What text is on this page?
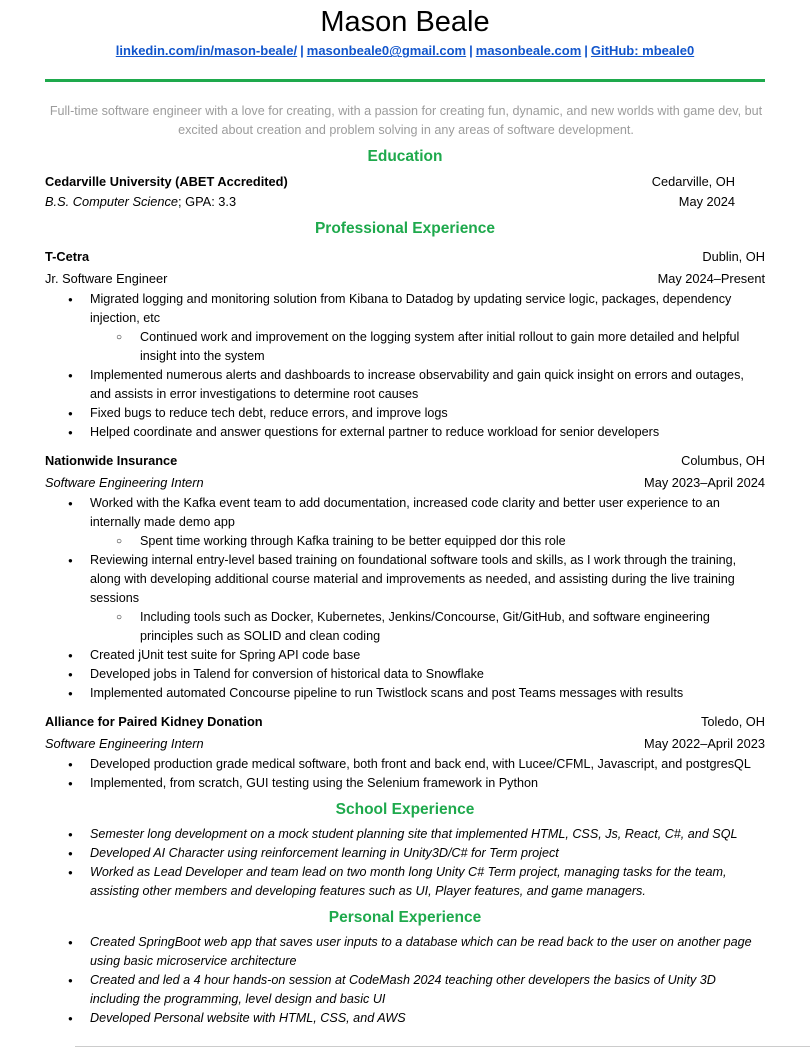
Mason Beale
linkedin.com/in/mason-beale/ | masonbeale0@gmail.com | masonbeale.com | GitHub: mbeale0

Full-time software engineer with a love for creating, with a passion for creating fun, dynamic, and new worlds with game dev, but excited about creation and problem solving in any areas of software development.

Education
Cedarville University (ABET Accredited)	Cedarville, OH
B.S. Computer Science; GPA: 3.3	May 2024
Professional Experience
T-Cetra	Dublin, OH
Jr. Software Engineer	May 2024–Present
● Migrated logging and monitoring solution from Kibana to Datadog by updating service logic, packages, dependency injection, etc
○ Continued work and improvement on the logging system after initial rollout to gain more detailed and helpful insight into the system
● Implemented numerous alerts and dashboards to increase observability and gain quick insight on errors and outages, and assists in error investigations to determine root causes
● Fixed bugs to reduce tech debt, reduce errors, and improve logs
● Helped coordinate and answer questions for external partner to reduce workload for senior developers
Nationwide Insurance	Columbus, OH
Software Engineering Intern	May 2023–April 2024
● Worked with the Kafka event team to add documentation, increased code clarity and better user experience to an internally made demo app
○ Spent time working through Kafka training to be better equipped dor this role
● Reviewing internal entry-level based training on foundational software tools and skills, as I work through the training, along with developing additional course material and improvements as needed, and assisting during the live training sessions
○ Including tools such as Docker, Kubernetes, Jenkins/Concourse, Git/GitHub, and software engineering principles such as SOLID and clean coding
● Created jUnit test suite for Spring API code base
● Developed jobs in Talend for conversion of historical data to Snowflake
● Implemented automated Concourse pipeline to run Twistlock scans and post Teams messages with results
Alliance for Paired Kidney Donation	Toledo, OH
Software Engineering Intern	May 2022–April 2023
● Developed production grade medical software, both front and back end, with Lucee/CFML, Javascript, and postgresQL
● Implemented, from scratch, GUI testing using the Selenium framework in Python
School Experience
● Semester long development on a mock student planning site that implemented HTML, CSS, Js, React, C#, and SQL
● Developed AI Character using reinforcement learning in Unity3D/C# for Term project
● Worked as Lead Developer and team lead on two month long Unity C# Term project, managing tasks for the team, assisting other members and developing features such as UI, Player features, and game managers.
Personal Experience
● Created SpringBoot web app that saves user inputs to a database which can be read back to the user on another page using basic microservice architecture
● Created and led a 4 hour hands-on session at CodeMash 2024 teaching other developers the basics of Unity 3D including the programming, level design and basic UI
● Developed Personal website with HTML, CSS, and AWS
